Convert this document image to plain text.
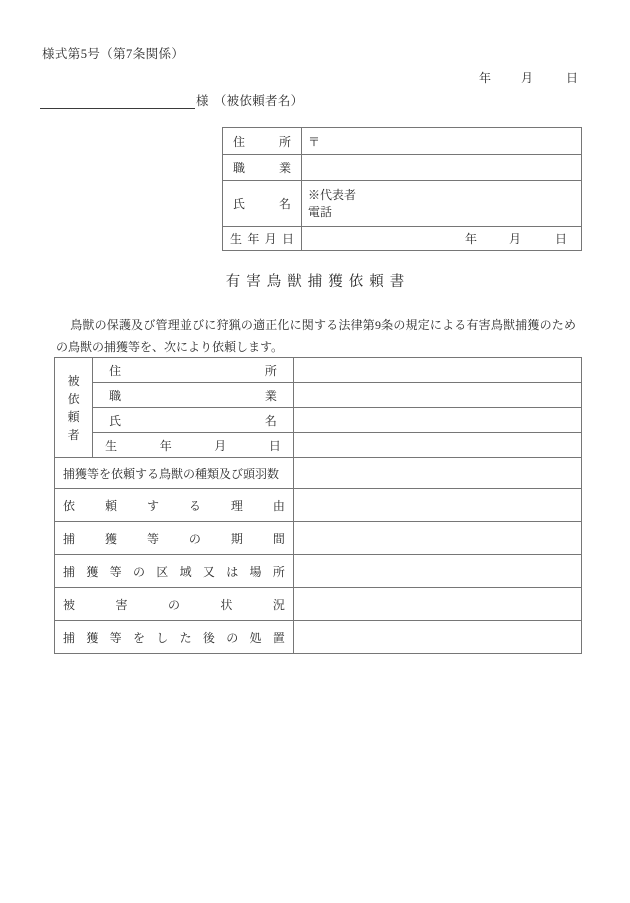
様式第5号（第7条関係）
年	月	日
様 （被依頼者名）
住 所	〒

職 業	

氏 名	※代表者
電話

生 年 月 日	年 月 日
有害鳥獣捕獲依頼書
鳥獣の保護及び管理並びに狩猟の適正化に関する法律第9条の規定による有害鳥獣捕獲のための鳥獣の捕獲等を、次により依頼します。
被
依
頼
者	住 所	

	職 業	

	氏 名	

	生 年 月 日	

捕獲等を依頼する鳥獣の種類及び頭羽数		

依 頼 す る 理 由

捕 獲 等 の 期 間

捕 獲 等 の 区 域 又 は 場 所

被 害 の 状 況		

捕 獲 等 を し た 後 の 処 置
